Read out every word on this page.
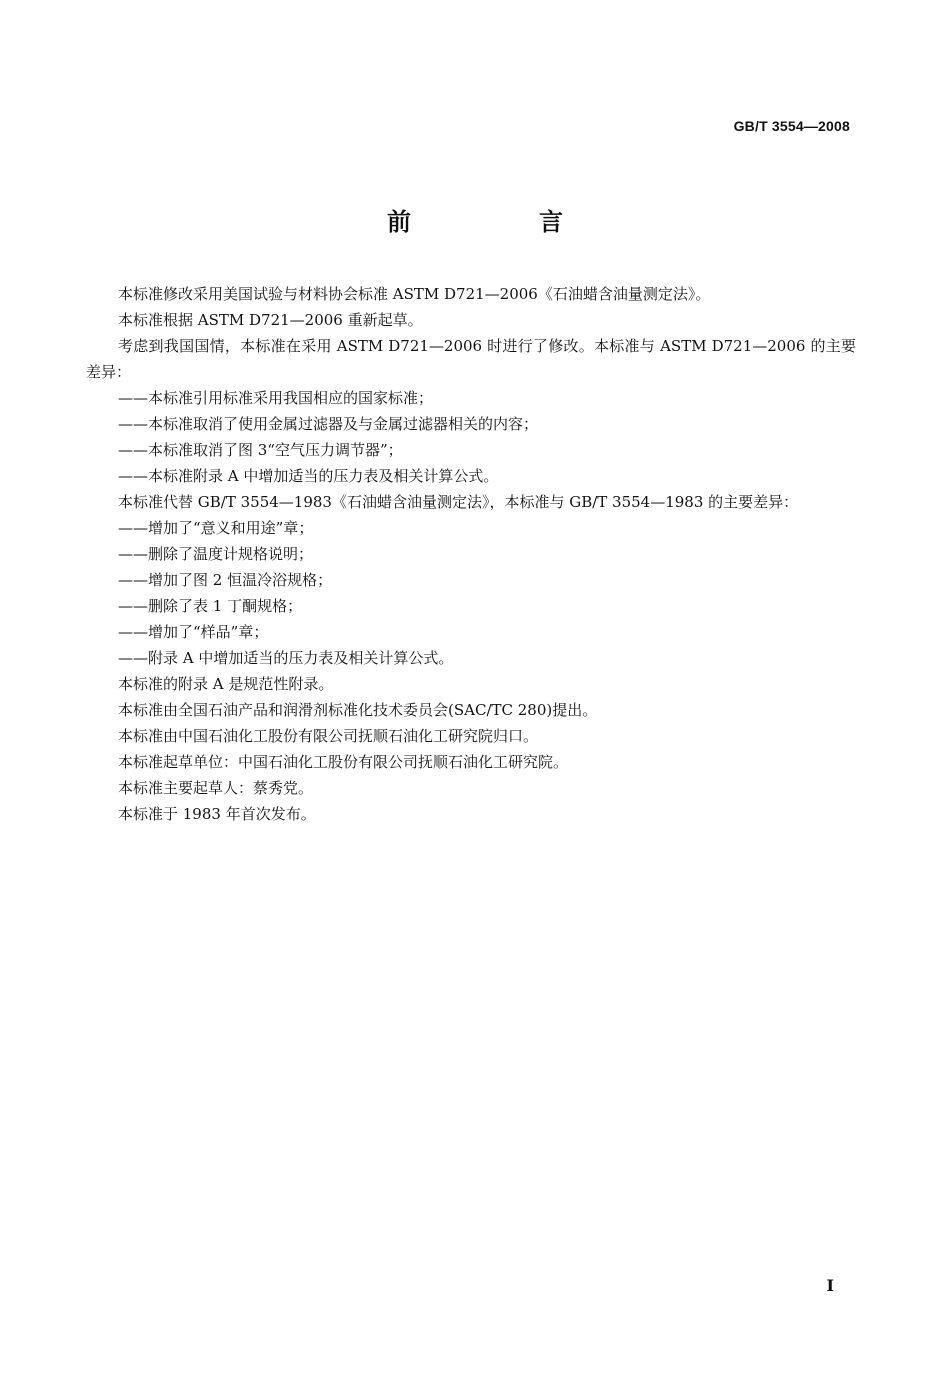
GB/T 3554—2008
前　言

本标准修改采用美国试验与材料协会标准 ASTM D721—2006《石油蜡含油量测定法》。

本标准根据 ASTM D721—2006 重新起草。

考虑到我国国情，本标准在采用 ASTM D721—2006 时进行了修改。本标准与 ASTM D721—2006 的主要差异：

——本标准引用标准采用我国相应的国家标准；

——本标准取消了使用金属过滤器及与金属过滤器相关的内容；

——本标准取消了图 3“空气压力调节器”；

——本标准附录 A 中增加适当的压力表及相关计算公式。

本标准代替 GB/T 3554—1983《石油蜡含油量测定法》，本标准与 GB/T 3554—1983 的主要差异：

——增加了“意义和用途”章；

——删除了温度计规格说明；

——增加了图 2 恒温冷浴规格；

——删除了表 1 丁酮规格；

——增加了“样品”章；

——附录 A 中增加适当的压力表及相关计算公式。

本标准的附录 A 是规范性附录。

本标准由全国石油产品和润滑剂标准化技术委员会(SAC/TC 280)提出。

本标准由中国石油化工股份有限公司抚顺石油化工研究院归口。

本标准起草单位：中国石油化工股份有限公司抚顺石油化工研究院。

本标准主要起草人：蔡秀党。

本标准于 1983 年首次发布。

I
